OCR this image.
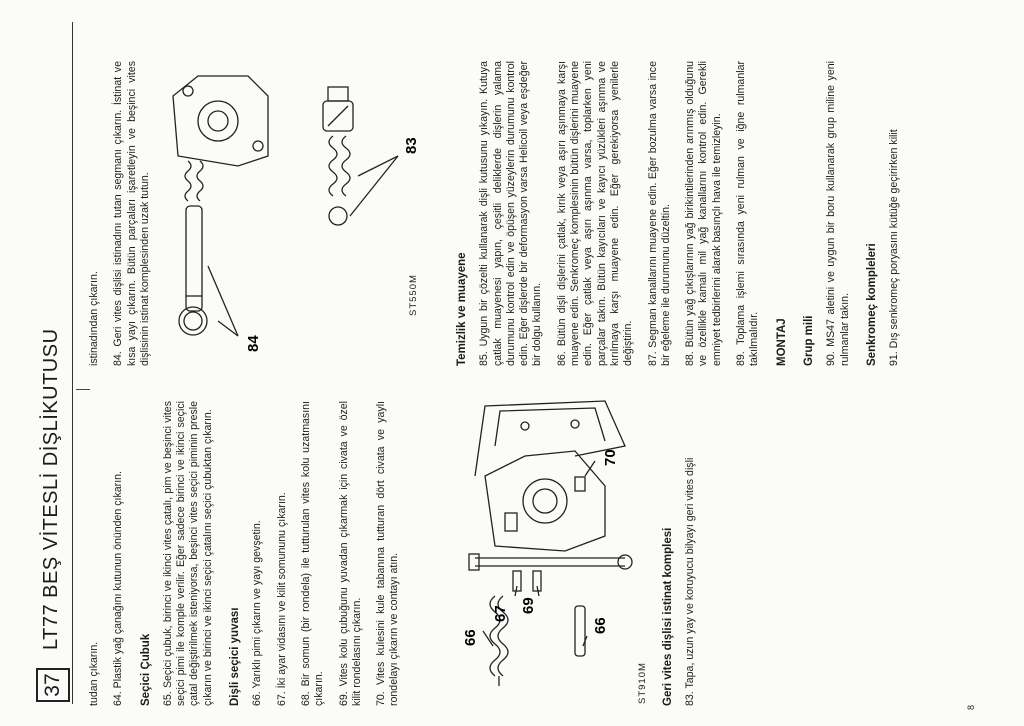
37
LT77 BEŞ VİTESLİ DİŞLİKUTUSU

tudan çıkarın. 64. Plastik yağ çanağını kutunun önünden çıkarın. Seçici Çubuk 65. Seçici çubuk, birinci ve ikinci vites çatalı, pim ve beşinci vites seçici pimi ile komple verilir. Eğer sadece birinci ve ikinci seçici çatal değiştirilmek isteniyorsa, beşinci vites seçici piminin presle çıkarın ve birinci ve ikinci seçici çatalını seçici çubuktan çıkarın. Dişli seçici yuvası 66. Yarıklı pimi çıkarın ve yayı gevşetin. 67. İki ayar vidasını ve kilit somununu çıkarın. 68. Bir somun (bir rondela) ile tutturulan vites kolu uzatmasını çıkarın. 69. Vites kolu çubuğunu yuvadan çıkarmak için civata ve özel kilit rondelasını çıkarın. 70. Vites kulesini kule tabanına tutturan dört civata ve yaylı rondelayı çıkarın ve contayı atın.	66
67 69
70
66
ST910M Geri vites dişlisi istinat komplesi 83. Tapa, uzun yay ve koruyucu bilyayı geri vites dişli

istinadından çıkarın. 84. Geri vites dişlisi istinadını tutan segmanı çıkarın. İstinat ve kısa yayı çıkarın. Bütün parçaları işaretleyin ve beşinci vites dişlisinin istinat komplesinden uzak tutun.	84
83
ST550M	Temizlik ve muayene 85. Uygun bir çözelti kullanarak dişli kutusunu yıkayın. Kutuya çatlak muayenesi yapın, çeşitli deliklerde dişlerin yalama durumunu kontrol edin ve öpüşen yüzeylerin durumunu kontrol edin. Eğer dişlerde bir deformasyon varsa Helicoil veya eşdeğer bir dolgu kullanın. 86. Bütün dişli dişlerini çatlak, kırık veya aşırı aşınmaya karşı muayene edin. Senkromeç komplesinin bütün dişlerini muayene edin. Eğer çatlak veya aşırı aşınma varsa, toplarken yeni parçalar takın. Bütün kayıcıları ve kayıcı yüzükleri aşınma ve kırılmaya karşı muayene edin. Eğer gerekiyorsa yenilerle değiştirin. 87. Segman kanallarını muayene edin. Eğer bozulma varsa ince bir eğeleme ile durumunu düzeltin. 88. Bütün yağ çıkışlarının yağ birikintilerinden arınmış olduğunu ve özellikle kamalı mil yağ kanallarını kontrol edin. Gerekli emniyet tedbirlerini alarak basınçlı hava ile temizleyin. 89. Toplama işlemi sırasında yeni rulman ve iğne rulmanlar takılmalıdır. MONTAJ Grup mili 90. MS47 aletini ve uygun bir boru kullanarak grup miline yeni rulmanlar takın. Senkromeç kompleleri 91. Dış senkromeç poryasını kütüğe geçirirken kilit

8
